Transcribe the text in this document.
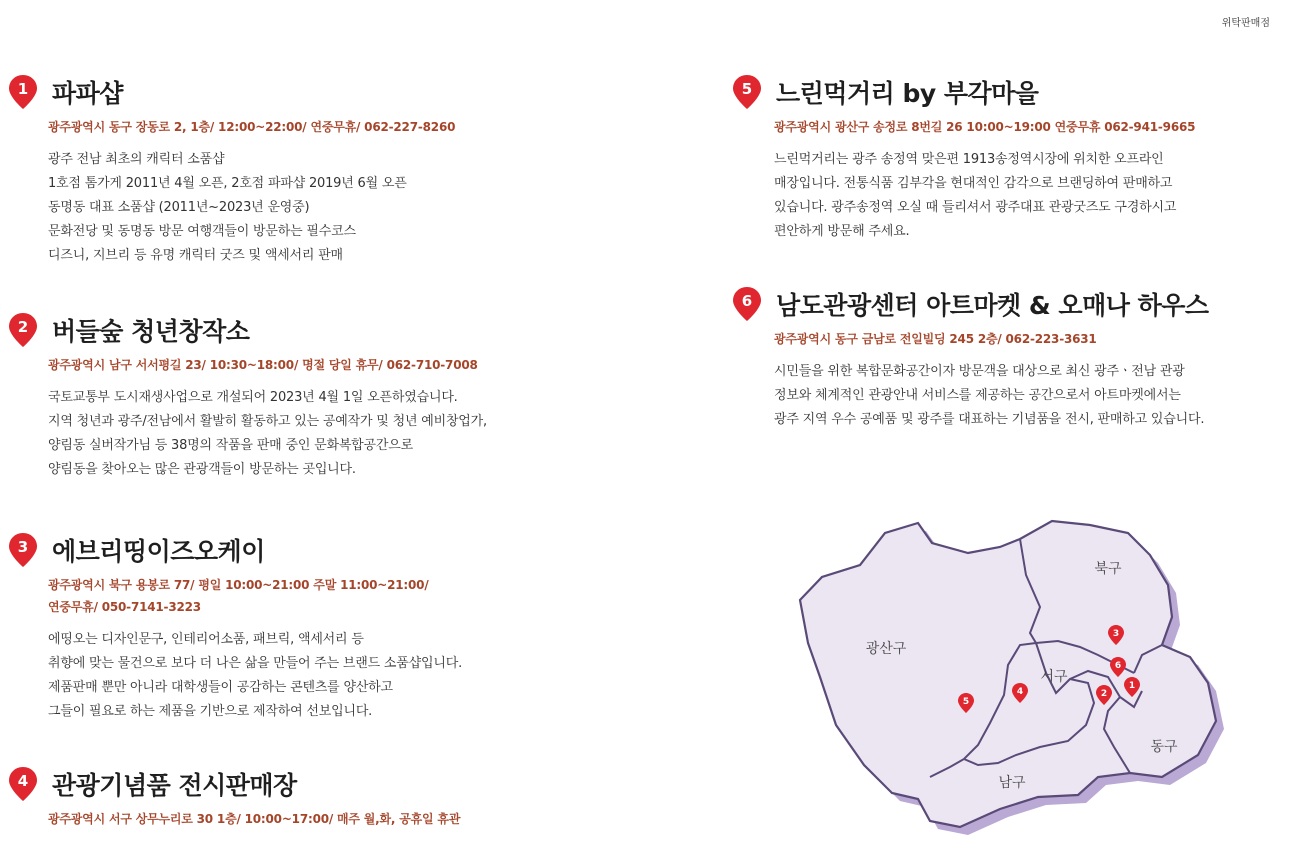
위탁판매점
1 파파샵
광주광역시 동구 장동로 2, 1층/ 12:00~22:00/ 연중무휴/ 062-227-8260

광주 전남 최초의 캐릭터 소품샵

1호점 톰가게 2011년 4월 오픈, 2호점 파파샵 2019년 6월 오픈

동명동 대표 소품샵 (2011년~2023년 운영중)

문화전당 및 동명동 방문 여행객들이 방문하는 필수코스

디즈니, 지브리 등 유명 캐릭터 굿즈 및 액세서리 판매

2 버들숲 청년창작소
광주광역시 남구 서서평길 23/ 10:30~18:00/ 명절 당일 휴무/ 062-710-7008

국토교통부 도시재생사업으로 개설되어 2023년 4월 1일 오픈하였습니다.

지역 청년과 광주/전남에서 활발히 활동하고 있는 공예작가 및 청년 예비창업가,

양림동 실버작가님 등 38명의 작품을 판매 중인 문화복합공간으로

양림동을 찾아오는 많은 관광객들이 방문하는 곳입니다.

3 에브리띵이즈오케이
광주광역시 북구 용봉로 77/ 평일 10:00~21:00 주말 11:00~21:00/
연중무휴/ 050-7141-3223

에띵오는 디자인문구, 인테리어소품, 패브릭, 액세서리 등

취향에 맞는 물건으로 보다 더 나은 삶을 만들어 주는 브랜드 소품샵입니다.

제품판매 뿐만 아니라 대학생들이 공감하는 콘텐츠를 양산하고

그들이 필요로 하는 제품을 기반으로 제작하여 선보입니다.

4 관광기념품 전시판매장
광주광역시 서구 상무누리로 30 1층/ 10:00~17:00/ 매주 월,화, 공휴일 휴관
5 느린먹거리 by 부각마을
광주광역시 광산구 송정로 8번길 26 10:00~19:00 연중무휴 062-941-9665

느린먹거리는 광주 송정역 맞은편 1913송정역시장에 위치한 오프라인

매장입니다. 전통식품 김부각을 현대적인 감각으로 브랜딩하여 판매하고

있습니다. 광주송정역 오실 때 들리셔서 광주대표 관광굿즈도 구경하시고

편안하게 방문해 주세요.

6 남도관광센터 아트마켓 & 오매나 하우스
광주광역시 동구 금남로 전일빌딩 245 2층/ 062-223-3631

시민들을 위한 복합문화공간이자 방문객을 대상으로 최신 광주ㆍ전남 관광

정보와 체계적인 관광안내 서비스를 제공하는 공간으로서 아트마켓에서는

광주 지역 우수 공예품 및 광주를 대표하는 기념품을 전시, 판매하고 있습니다.

북구
광산구
서구
동구
남구
3
6
2
1
4
5
